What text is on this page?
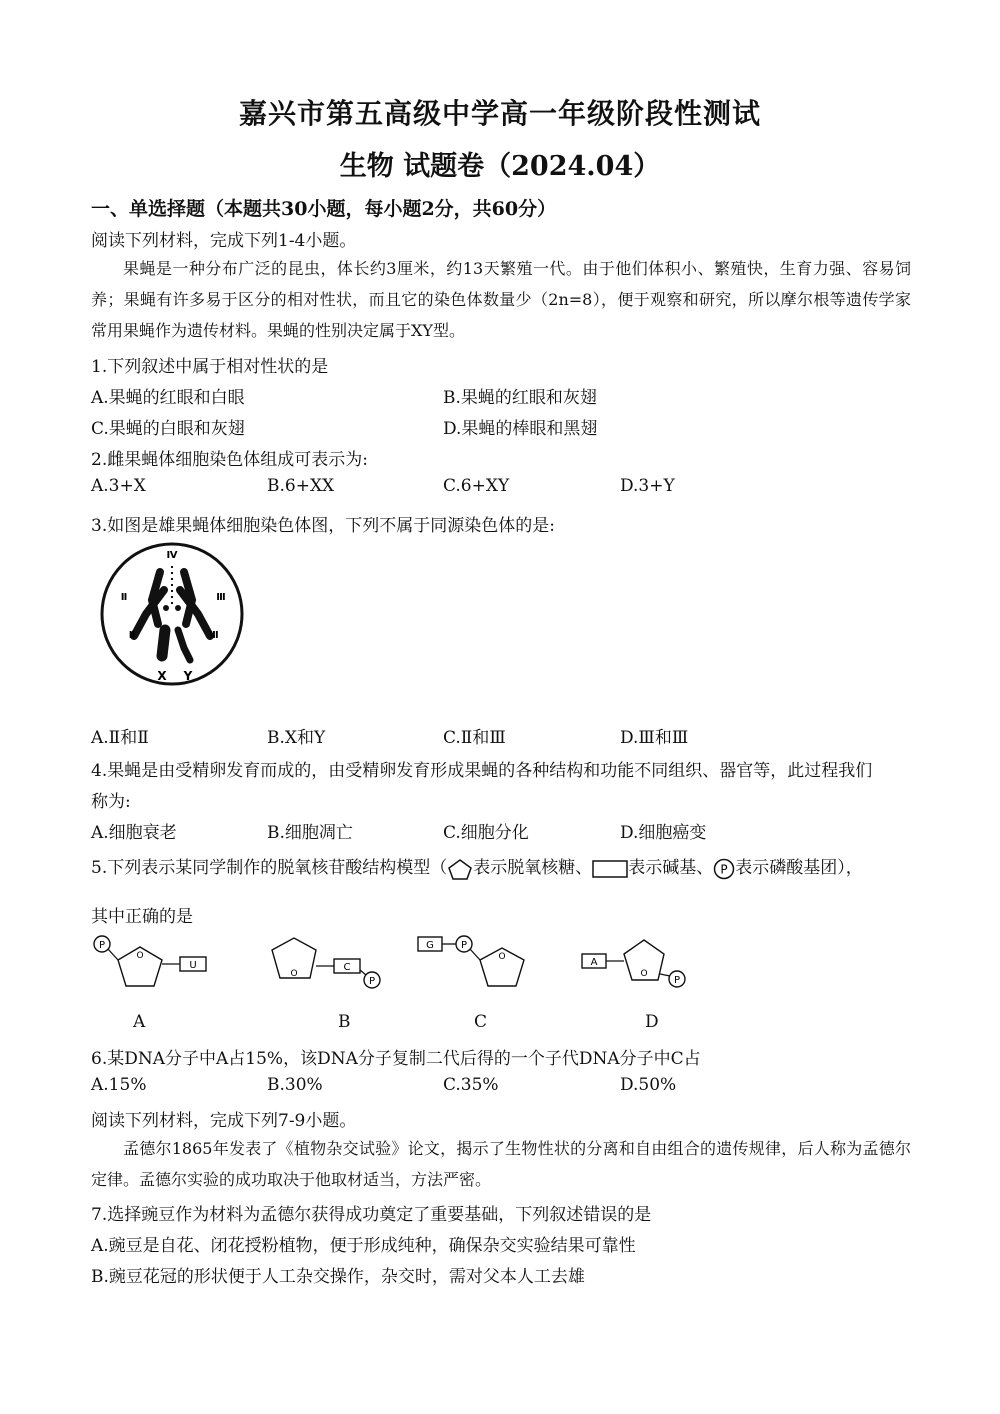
嘉兴市第五高级中学高一年级阶段性测试
生物 试题卷（2024.04）
一、单选择题（本题共30小题，每小题2分，共60分）
阅读下列材料，完成下列1-4小题。
果蝇是一种分布广泛的昆虫，体长约3厘米，约13天繁殖一代。由于他们体积小、繁殖快，生育力强、容易饲养；果蝇有许多易于区分的相对性状，而且它的染色体数量少（2n=8），便于观察和研究，所以摩尔根等遗传学家常用果蝇作为遗传材料。果蝇的性别决定属于XY型。
1.下列叙述中属于相对性状的是
A.果蝇的红眼和白眼	B.果蝇的红眼和灰翅
C.果蝇的白眼和灰翅	D.果蝇的棒眼和黑翅
2.雌果蝇体细胞染色体组成可表示为:
A.3+X	B.6+XX	C.6+XY	D.3+Y
3.如图是雄果蝇体细胞染色体图，下列不属于同源染色体的是:
Ⅳ
Ⅱ	Ⅲ
Ⅱ	Ⅲ
X Y
A.Ⅱ和Ⅱ	B.X和Y	C.Ⅱ和Ⅲ	D.Ⅲ和Ⅲ
4.果蝇是由受精卵发育而成的，由受精卵发育形成果蝇的各种结构和功能不同组织、器官等，此过程我们
称为:
A.细胞衰老	B.细胞凋亡	C.细胞分化	D.细胞癌变
5.下列表示某同学制作的脱氧核苷酸结构模型（ 表示脱氧核糖、 表示碱基、 P 表示磷酸基团），
其中正确的是
P
O
U
A
O
C
P
B
G	P
O
C
A
O
P
D
6.某DNA分子中A占15%，该DNA分子复制二代后得的一个子代DNA分子中C占
A.15%	B.30%	C.35%	D.50%
阅读下列材料，完成下列7-9小题。
孟德尔1865年发表了《植物杂交试验》论文，揭示了生物性状的分离和自由组合的遗传规律，后人称为孟德尔定律。孟德尔实验的成功取决于他取材适当，方法严密。
7.选择豌豆作为材料为孟德尔获得成功奠定了重要基础，下列叙述错误的是
A.豌豆是自花、闭花授粉植物，便于形成纯种，确保杂交实验结果可靠性
B.豌豆花冠的形状便于人工杂交操作，杂交时，需对父本人工去雄
